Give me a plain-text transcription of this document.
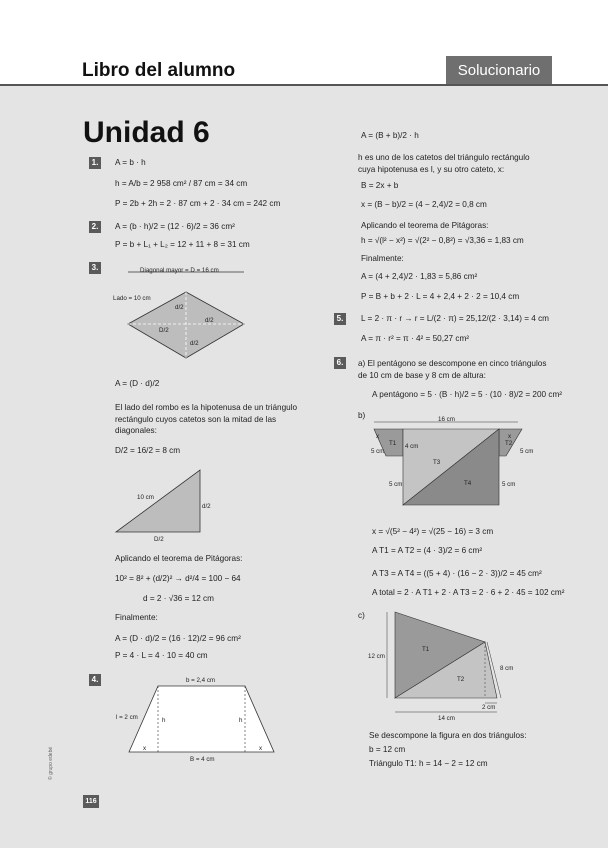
Libro del alumno	Solucionario
Unidad 6
1.	A = b · h
h = A/b = 2 958 cm² / 87 cm = 34 cm
P = 2b + 2h = 2 · 87 cm + 2 · 34 cm = 242 cm
2.	A = (b · h)/2 = (12 · 6)/2 = 36 cm²
P = b + L₁ + L₂ = 12 + 11 + 8 = 31 cm
3.	Diagonal mayor = D = 16 cm
Lado = 10 cm
d/2
d/2
D/2
d/2
A = (D · d)/2
El lado del rombo es la hipotenusa de un triángulo rectángulo cuyos catetos son la mitad de las diagonales:
D/2 = 16/2 = 8 cm
10 cm
d/2
D/2
Aplicando el teorema de Pitágoras:
10² = 8² + (d/2)² → d²/4 = 100 − 64
d = 2 · √36 = 12 cm
Finalmente:
A = (D · d)/2 = (16 · 12)/2 = 96 cm²
P = 4 · L = 4 · 10 = 40 cm
4.	b = 2,4 cm
l = 2 cm	h	h
x	x
B = 4 cm
A = (B + b)/2 · h
h es uno de los catetos del triángulo rectángulo cuya hipotenusa es l, y su otro cateto, x:
B = 2x + b
x = (B − b)/2 = (4 − 2,4)/2 = 0,8 cm
Aplicando el teorema de Pitágoras:
h = √(l² − x²) = √(2² − 0,8²) = √3,36 = 1,83 cm
Finalmente:
A = (4 + 2,4)/2 · 1,83 = 5,86 cm²
P = B + b + 2 · L = 4 + 2,4 + 2 · 2 = 10,4 cm
5.	L = 2 · π · r → r = L/(2 · π) = 25,12/(2 · 3,14) = 4 cm
A = π · r² = π · 4² = 50,27 cm²
6.	a) El pentágono se descompone en cinco triángulos de 10 cm de base y 8 cm de altura:
A pentágono = 5 · (B · h)/2 = 5 · (10 · 8)/2 = 200 cm²
b)	16 cm
x	x
T1	T2
4 cm
5 cm	5 cm
T3
T4
5 cm	5 cm
x = √(5² − 4²) = √(25 − 16) = 3 cm
A T1 = A T2 = (4 · 3)/2 = 6 cm²
A T3 = A T4 = ((5 + 4) · (16 − 2 · 3))/2 = 45 cm²
A total = 2 · A T1 + 2 · A T3 = 2 · 6 + 2 · 45 = 102 cm²
c)
12 cm
T1
8 cm
T2
2 cm
14 cm
Se descompone la figura en dos triángulos:
b = 12 cm
Triángulo T1: h = 14 − 2 = 12 cm
© grupo edebé
116
